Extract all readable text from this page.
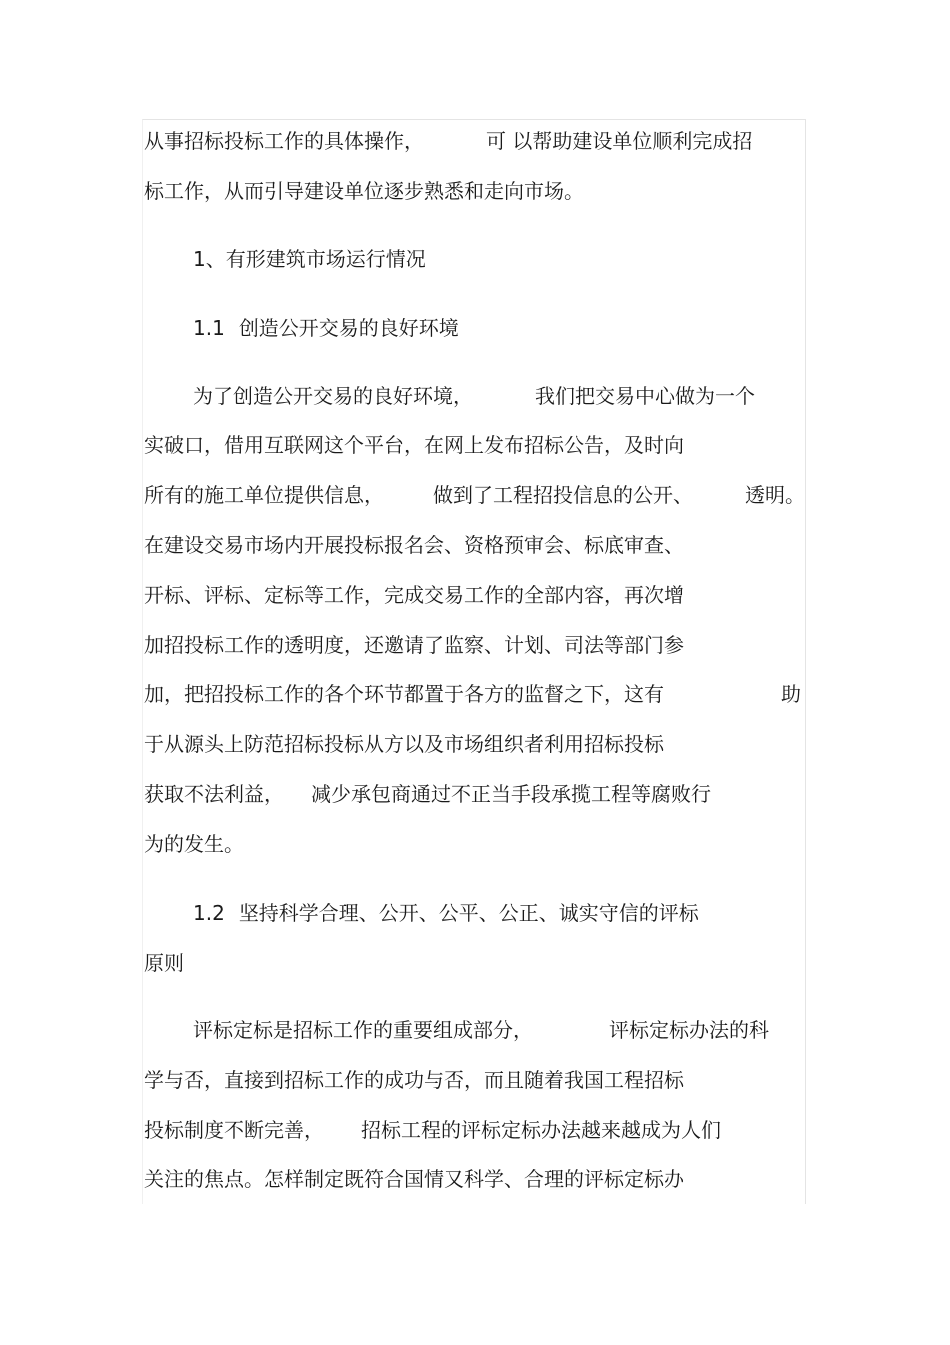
从事招标投标工作的具体操作，	可 以帮助建设单位顺利完成招

标工作，从而引导建设单位逐步熟悉和走向市场。

1、有形建筑市场运行情况

1.1 创造公开交易的良好环境

为了创造公开交易的良好环境，	我们把交易中心做为一个

实破口，借用互联网这个平台，在网上发布招标公告，及时向

所有的施工单位提供信息， 做到了工程招投信息的公开、	透明。

在建设交易市场内开展投标报名会、资格预审会、标底审查、

开标、评标、定标等工作，完成交易工作的全部内容，再次增

加招投标工作的透明度，还邀请了监察、计划、司法等部门参

加，把招投标工作的各个环节都置于各方的监督之下，这有	助

于从源头上防范招标投标从方以及市场组织者利用招标投标

获取不法利益， 减少承包商通过不正当手段承揽工程等腐败行

为的发生。

1.2 坚持科学合理、公开、公平、公正、诚实守信的评标

原则

评标定标是招标工作的重要组成部分，	评标定标办法的科

学与否，直接到招标工作的成功与否，而且随着我国工程招标

投标制度不断完善， 招标工程的评标定标办法越来越成为人们

关注的焦点。怎样制定既符合国情又科学、合理的评标定标办
